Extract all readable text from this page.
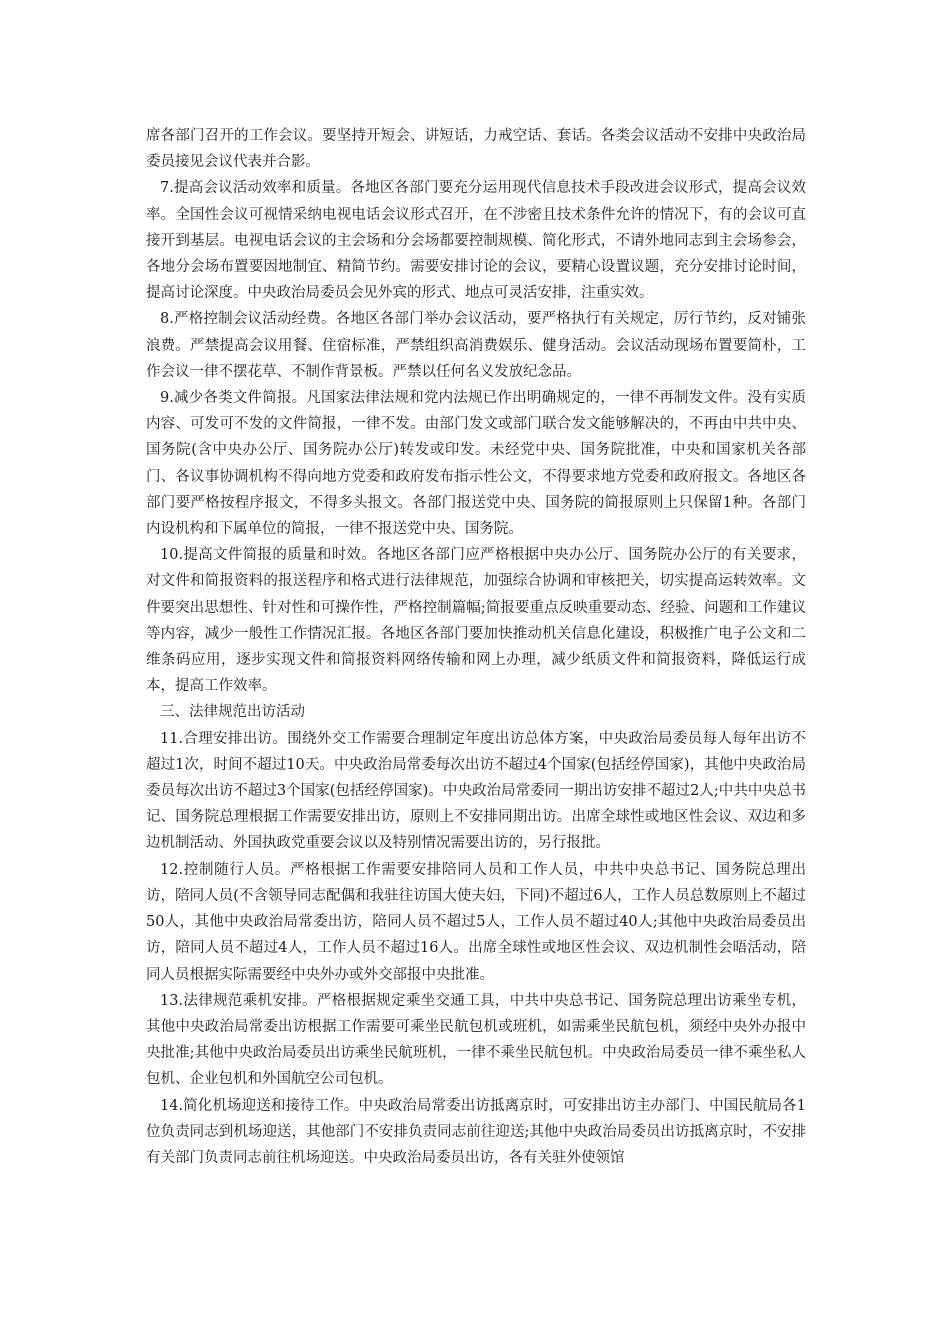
席各部门召开的工作会议。要坚持开短会、讲短话，力戒空话、套话。各类会议活动不安排中央政治局委员接见会议代表并合影。

7.提高会议活动效率和质量。各地区各部门要充分运用现代信息技术手段改进会议形式，提高会议效率。全国性会议可视情采纳电视电话会议形式召开，在不涉密且技术条件允许的情况下，有的会议可直接开到基层。电视电话会议的主会场和分会场都要控制规模、简化形式，不请外地同志到主会场参会，各地分会场布置要因地制宜、精简节约。需要安排讨论的会议，要精心设置议题，充分安排讨论时间，提高讨论深度。中央政治局委员会见外宾的形式、地点可灵活安排，注重实效。

8.严格控制会议活动经费。各地区各部门举办会议活动，要严格执行有关规定，厉行节约，反对铺张浪费。严禁提高会议用餐、住宿标准，严禁组织高消费娱乐、健身活动。会议活动现场布置要简朴，工作会议一律不摆花草、不制作背景板。严禁以任何名义发放纪念品。

9.减少各类文件简报。凡国家法律法规和党内法规已作出明确规定的，一律不再制发文件。没有实质内容、可发可不发的文件简报，一律不发。由部门发文或部门联合发文能够解决的，不再由中共中央、国务院(含中央办公厅、国务院办公厅)转发或印发。未经党中央、国务院批准，中央和国家机关各部门、各议事协调机构不得向地方党委和政府发布指示性公文，不得要求地方党委和政府报文。各地区各部门要严格按程序报文，不得多头报文。各部门报送党中央、国务院的简报原则上只保留1种。各部门内设机构和下属单位的简报，一律不报送党中央、国务院。

10.提高文件简报的质量和时效。各地区各部门应严格根据中央办公厅、国务院办公厅的有关要求，对文件和简报资料的报送程序和格式进行法律规范，加强综合协调和审核把关，切实提高运转效率。文件要突出思想性、针对性和可操作性，严格控制篇幅;简报要重点反映重要动态、经验、问题和工作建议等内容，减少一般性工作情况汇报。各地区各部门要加快推动机关信息化建设，积极推广电子公文和二维条码应用，逐步实现文件和简报资料网络传输和网上办理，减少纸质文件和简报资料，降低运行成本，提高工作效率。

三、法律规范出访活动

11.合理安排出访。围绕外交工作需要合理制定年度出访总体方案，中央政治局委员每人每年出访不超过1次，时间不超过10天。中央政治局常委每次出访不超过4个国家(包括经停国家)，其他中央政治局委员每次出访不超过3个国家(包括经停国家)。中央政治局常委同一期出访安排不超过2人;中共中央总书记、国务院总理根据工作需要安排出访，原则上不安排同期出访。出席全球性或地区性会议、双边和多边机制活动、外国执政党重要会议以及特别情况需要出访的，另行报批。

12.控制随行人员。严格根据工作需要安排陪同人员和工作人员，中共中央总书记、国务院总理出访，陪同人员(不含领导同志配偶和我驻往访国大使夫妇，下同)不超过6人，工作人员总数原则上不超过50人，其他中央政治局常委出访，陪同人员不超过5人，工作人员不超过40人;其他中央政治局委员出访，陪同人员不超过4人，工作人员不超过16人。出席全球性或地区性会议、双边机制性会晤活动，陪同人员根据实际需要经中央外办或外交部报中央批准。

13.法律规范乘机安排。严格根据规定乘坐交通工具，中共中央总书记、国务院总理出访乘坐专机，其他中央政治局常委出访根据工作需要可乘坐民航包机或班机，如需乘坐民航包机，须经中央外办报中央批准;其他中央政治局委员出访乘坐民航班机，一律不乘坐民航包机。中央政治局委员一律不乘坐私人包机、企业包机和外国航空公司包机。

14.简化机场迎送和接待工作。中央政治局常委出访抵离京时，可安排出访主办部门、中国民航局各1位负责同志到机场迎送，其他部门不安排负责同志前往迎送;其他中央政治局委员出访抵离京时，不安排有关部门负责同志前往机场迎送。中央政治局委员出访，各有关驻外使领馆
